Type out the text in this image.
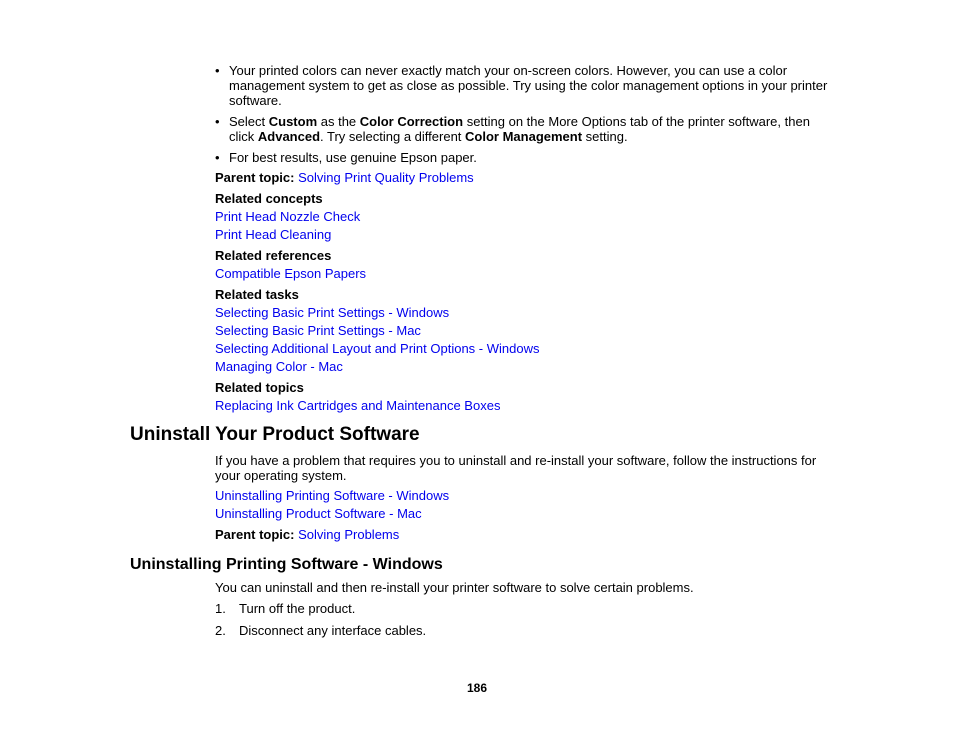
• Your printed colors can never exactly match your on-screen colors. However, you can use a color management system to get as close as possible. Try using the color management options in your printer software.
• Select Custom as the Color Correction setting on the More Options tab of the printer software, then click Advanced. Try selecting a different Color Management setting.
• For best results, use genuine Epson paper.
Parent topic: Solving Print Quality Problems
Related concepts
Print Head Nozzle Check
Print Head Cleaning
Related references
Compatible Epson Papers
Related tasks
Selecting Basic Print Settings - Windows
Selecting Basic Print Settings - Mac
Selecting Additional Layout and Print Options - Windows
Managing Color - Mac
Related topics
Replacing Ink Cartridges and Maintenance Boxes
Uninstall Your Product Software
If you have a problem that requires you to uninstall and re-install your software, follow the instructions for your operating system.
Uninstalling Printing Software - Windows
Uninstalling Product Software - Mac
Parent topic: Solving Problems
Uninstalling Printing Software - Windows
You can uninstall and then re-install your printer software to solve certain problems.
1. Turn off the product.
2. Disconnect any interface cables.
186
